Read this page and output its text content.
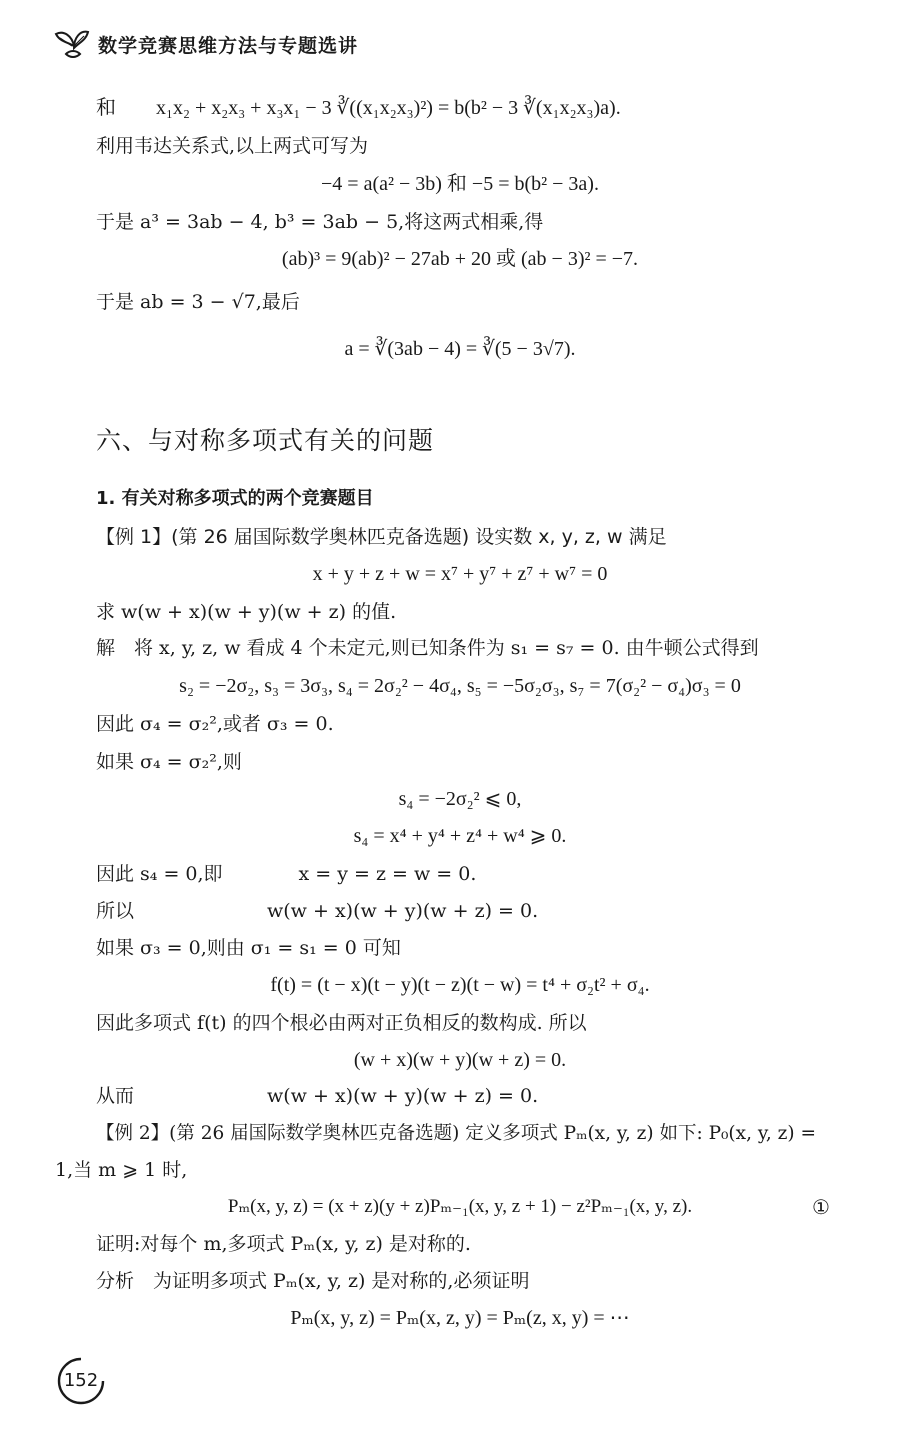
数学竞赛思维方法与专题选讲
和　　x₁x₂ + x₂x₃ + x₃x₁ − 3 ∛((x₁x₂x₃)²) = b(b² − 3 ∛(x₁x₂x₃)a).
利用韦达关系式,以上两式可写为
−4 = a(a² − 3b) 和 −5 = b(b² − 3a).
于是 a³ = 3ab − 4, b³ = 3ab − 5,将这两式相乘,得
(ab)³ = 9(ab)² − 27ab + 20 或 (ab − 3)² = −7.
于是 ab = 3 − √7,最后
a = ∛(3ab − 4) = ∛(5 − 3√7).
六、与对称多项式有关的问题
1. 有关对称多项式的两个竞赛题目
【例 1】(第 26 届国际数学奥林匹克备选题) 设实数 x, y, z, w 满足
x + y + z + w = x⁷ + y⁷ + z⁷ + w⁷ = 0
求 w(w + x)(w + y)(w + z) 的值.
解　将 x, y, z, w 看成 4 个未定元,则已知条件为 s₁ = s₇ = 0. 由牛顿公式得到
s₂ = −2σ₂, s₃ = 3σ₃, s₄ = 2σ₂² − 4σ₄, s₅ = −5σ₂σ₃, s₇ = 7(σ₂² − σ₄)σ₃ = 0
因此 σ₄ = σ₂²,或者 σ₃ = 0.
如果 σ₄ = σ₂²,则
s₄ = −2σ₂² ⩽ 0,
s₄ = x⁴ + y⁴ + z⁴ + w⁴ ⩾ 0.
因此 s₄ = 0,即　　　　x = y = z = w = 0.
所以　　　　　　　w(w + x)(w + y)(w + z) = 0.
如果 σ₃ = 0,则由 σ₁ = s₁ = 0 可知
f(t) = (t − x)(t − y)(t − z)(t − w) = t⁴ + σ₂t² + σ₄.
因此多项式 f(t) 的四个根必由两对正负相反的数构成. 所以
(w + x)(w + y)(w + z) = 0.
从而　　　　　　　w(w + x)(w + y)(w + z) = 0.
【例 2】(第 26 届国际数学奥林匹克备选题) 定义多项式 Pₘ(x, y, z) 如下: P₀(x, y, z) =
1,当 m ⩾ 1 时,
Pₘ(x, y, z) = (x + z)(y + z)Pₘ₋₁(x, y, z + 1) − z²Pₘ₋₁(x, y, z).	①
证明:对每个 m,多项式 Pₘ(x, y, z) 是对称的.
分析　为证明多项式 Pₘ(x, y, z) 是对称的,必须证明
Pₘ(x, y, z) = Pₘ(x, z, y) = Pₘ(z, x, y) = ⋯
152
